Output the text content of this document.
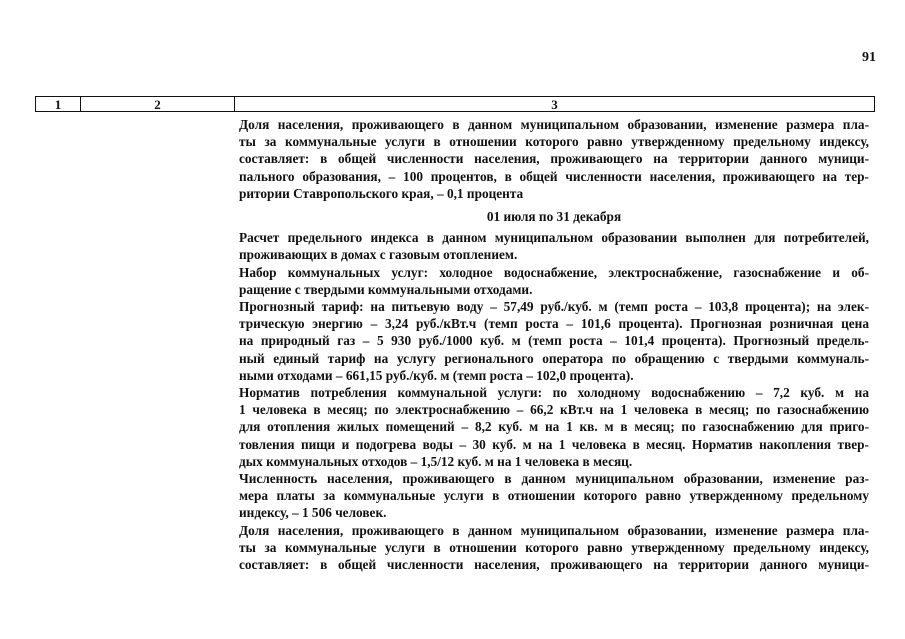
91
1	2	3

Доля населения, проживающего в данном муниципальном образовании, изменение размера пла-
ты за коммунальные услуги в отношении которого равно утвержденному предельному индексу,
составляет: в общей численности населения, проживающего на территории данного муници-
пального образования, – 100 процентов, в общей численности населения, проживающего на тер-
ритории Ставропольского края, – 0,1 процента

01 июля по 31 декабря

Расчет предельного индекса в данном муниципальном образовании выполнен для потребителей,
проживающих в домах с газовым отоплением.

Набор коммунальных услуг: холодное водоснабжение, электроснабжение, газоснабжение и об-
ращение с твердыми коммунальными отходами.

Прогнозный тариф: на питьевую воду – 57,49 руб./куб. м (темп роста – 103,8 процента); на элек-
трическую энергию – 3,24 руб./кВт.ч (темп роста – 101,6 процента). Прогнозная розничная цена
на природный газ – 5 930 руб./1000 куб. м (темп роста – 101,4 процента). Прогнозный предель-
ный единый тариф на услугу регионального оператора по обращению с твердыми коммуналь-
ными отходами – 661,15 руб./куб. м (темп роста – 102,0 процента).

Норматив потребления коммунальной услуги: по холодному водоснабжению – 7,2 куб. м на
1 человека в месяц; по электроснабжению – 66,2 кВт.ч на 1 человека в месяц; по газоснабжению
для отопления жилых помещений – 8,2 куб. м на 1 кв. м в месяц; по газоснабжению для приго-
товления пищи и подогрева воды – 30 куб. м на 1 человека в месяц. Норматив накопления твер-
дых коммунальных отходов – 1,5/12 куб. м на 1 человека в месяц.

Численность населения, проживающего в данном муниципальном образовании, изменение раз-
мера платы за коммунальные услуги в отношении которого равно утвержденному предельному
индексу, – 1 506 человек.

Доля населения, проживающего в данном муниципальном образовании, изменение размера пла-
ты за коммунальные услуги в отношении которого равно утвержденному предельному индексу,
составляет: в общей численности населения, проживающего на территории данного муници-
